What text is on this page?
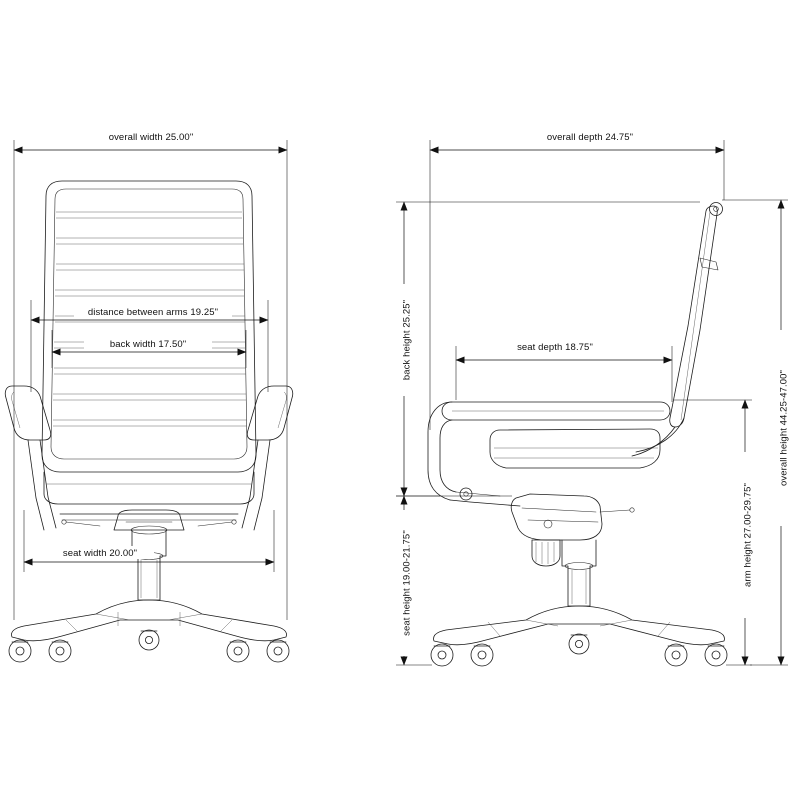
overall width 25.00"
distance between arms 19.25"
back width 17.50"
seat width 20.00"
overall depth 24.75"
back height 25.25"	seat depth 18.75"
seat height 19.00-21.75"	arm height 27.00-29.75"
overall height 44.25-47.00"
